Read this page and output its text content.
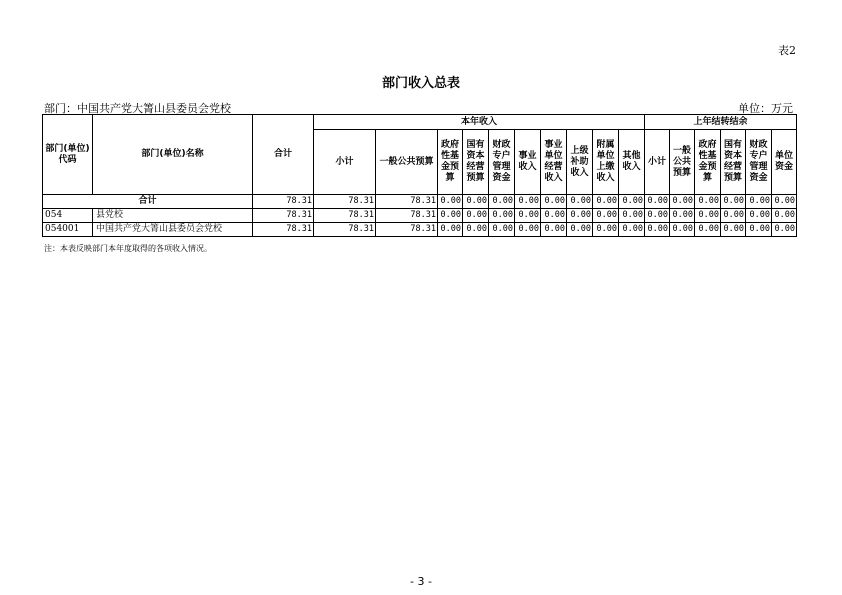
表2
部门收入总表
部门：中国共产党大箐山县委员会党校	单位：万元
部门(单位)代码	部门(单位)名称	合计	本年收入										上年结转结余					
			小计	一般公共预算	政府性基金预算	国有资本经营预算	财政专户管理资金	事业收入	事业单位经营收入	上级补助收入	附属单位上缴收入	其他收入	小计	一般公共预算	政府性基金预算	国有资本经营预算	财政专户管理资金	单位资金
合计		78.31	78.31	78.31	0.00	0.00	0.00	0.00	0.00	0.00	0.00	0.00	0.00	0.00	0.00	0.00	0.00	0.00
054	县党校	78.31	78.31	78.31	0.00	0.00	0.00	0.00	0.00	0.00	0.00	0.00	0.00	0.00	0.00	0.00	0.00	0.00
054001	中国共产党大箐山县委员会党校	78.31	78.31	78.31	0.00	0.00	0.00	0.00	0.00	0.00	0.00	0.00	0.00	0.00	0.00	0.00	0.00	0.00
注：本表反映部门本年度取得的各项收入情况。
- 3 -
